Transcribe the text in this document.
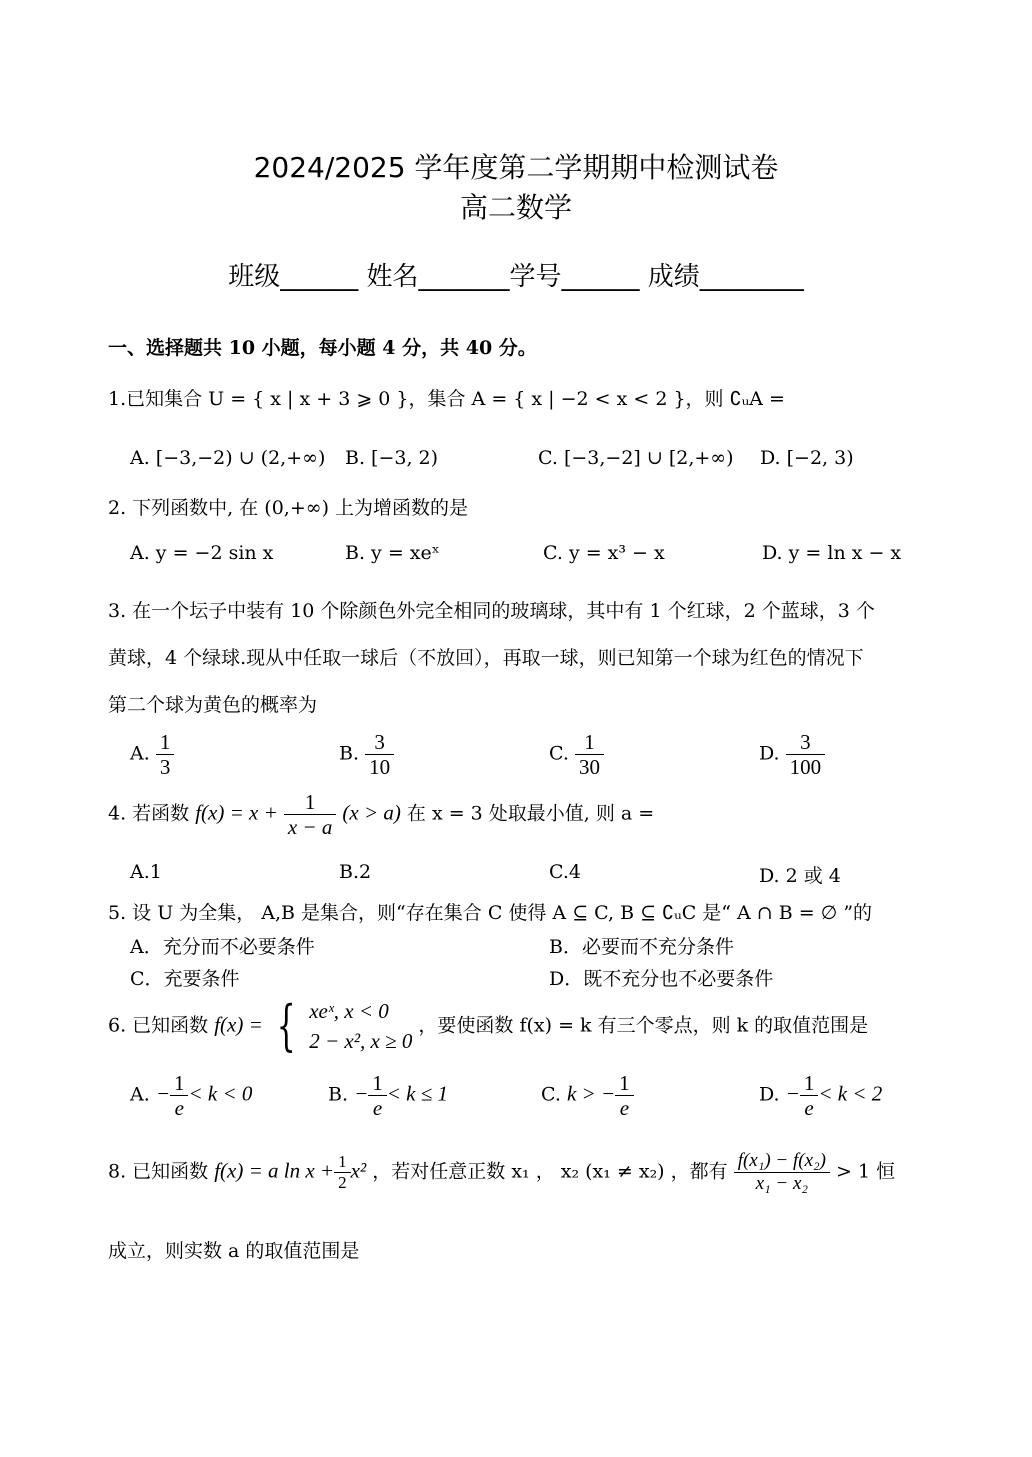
2024/2025 学年度第二学期期中检测试卷
高二数学
班级______ 姓名_______学号______ 成绩________
一、选择题共 10 小题，每小题 4 分，共 40 分。
1.已知集合 U = { x | x + 3 ⩾ 0 }，集合 A = { x | −2 < x < 2 }，则 ∁ᵤA =
A. [−3,−2) ∪ (2,+∞) B. [−3, 2)	C. [−3,−2] ∪ [2,+∞) D. [−2, 3)
2. 下列函数中, 在 (0,+∞) 上为增函数的是
A. y = −2 sin x	B. y = xeˣ	C. y = x³ − x	D. y = ln x − x
3. 在一个坛子中装有 10 个除颜色外完全相同的玻璃球，其中有 1 个红球，2 个蓝球，3 个
黄球，4 个绿球.现从中任取一球后（不放回），再取一球，则已知第一个球为红色的情况下
第二个球为黄色的概率为
A. $\frac{1}{3}$	B. $\frac{3}{10}$	C. $\frac{1}{30}$	D. $\frac{3}{100}$
4. 若函数 $f(x) = x + \frac{1}{x - a} (x > a)$ 在 x = 3 处取最小值, 则 a =
A.1	B.2	C.4	D. 2 或 4
5. 设 U 为全集， A,B 是集合，则“存在集合 C 使得 A ⊆ C, B ⊆ ∁ᵤC 是“ A ∩ B = ∅ ”的
A．充分而不必要条件	B．必要而不充分条件
C．充要条件	D．既不充分也不必要条件
6. 已知函数 f(x) = { xeˣ, x < 0
2 − x², x ≥ 0
，要使函数 f(x) = k 有三个零点，则 k 的取值范围是
A. − $\frac{1}{e} < k < 0$	B. − $\frac{1}{e} < k \le 1$	C. k > − $\frac{1}{e}$	D. − $\frac{1}{e} < k < 2$
8. 已知函数 f(x) = a $\ln x + \frac{1}{2} x^2$ ，若对任意正数 x₁ ， x₂ (x₁ ≠ x₂) ，都有 $\frac{\text{f(x₁) − f(x₂)}}{\text{x₁ − x₂}} > 1$ 恒
成立，则实数 a 的取值范围是
